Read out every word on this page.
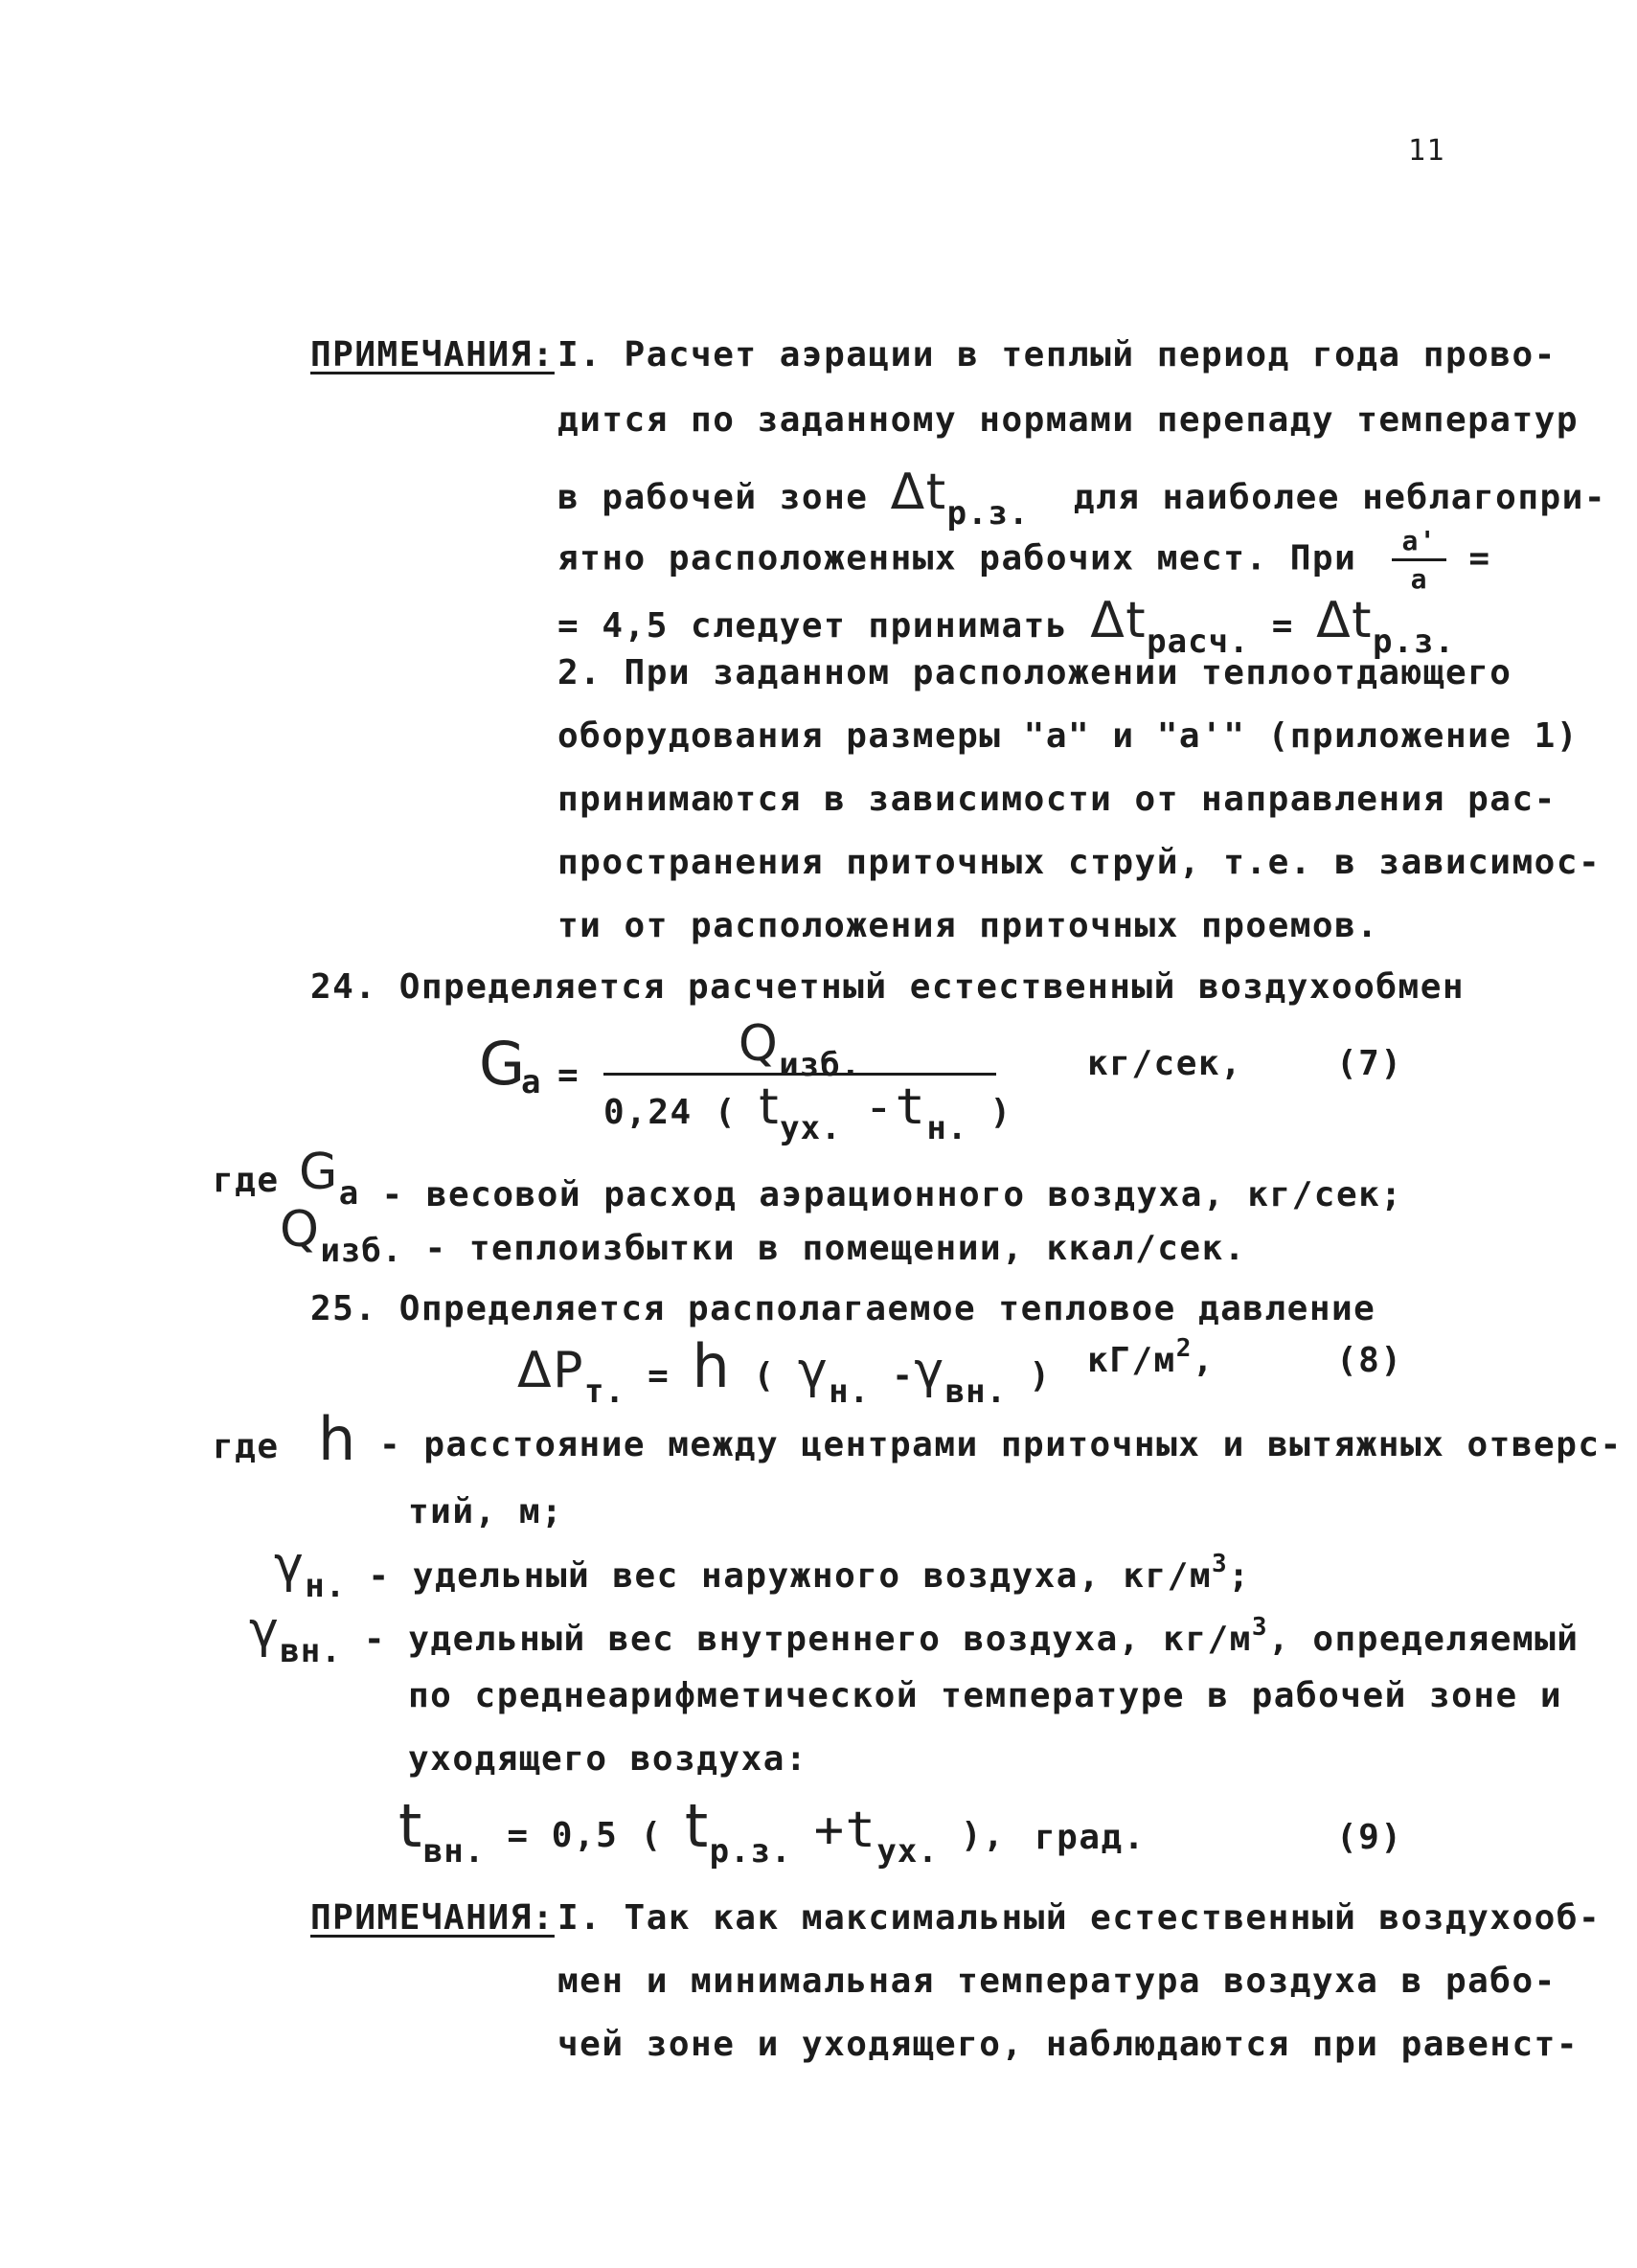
11
ПРИМЕЧАНИЯ: I. Расчет аэрации в теплый период года прово-
дится по заданному нормами перепаду температур
в рабочей зоне Δtр.з. для наиболее неблагопри-
ятно расположенных рабочих мест. При $\frac{a'}{a}$ =
= 4,5 следует принимать Δtрасч. = Δtр.з.
2. При заданном расположении теплоотдающего
оборудования размеры "a" и "a'" (приложение 1)
принимаются в зависимости от направления рас-
пространения приточных струй, т.е. в зависимос-
ти от расположения приточных проемов.
24. Определяется расчетный естественный воздухообмен
G
a =
Qизб.
0,24 ( tух. -tн. )
кг/сек,	(7)
где Ga - весовой расход аэрационного воздуха, кг/сек;
Qизб. - теплоизбытки в помещении, ккал/сек.
25. Определяется располагаемое тепловое давление
ΔPт. = h ( γн. -γвн. ) $кГ/м^2$,	(8)
где h - расстояние между центрами приточных и вытяжных отверс-
тий, м;
γн. - удельный вес наружного воздуха, $кг/м^3$;
γвн. - удельный вес внутреннего воздуха, $кг/м^3$, определяемый
по среднеарифметической температуре в рабочей зоне и
уходящего воздуха:
tвн. = 0,5 ( tр.з. +tух. ), град.	(9)
ПРИМЕЧАНИЯ: I. Так как максимальный естественный воздухооб-
мен и минимальная температура воздуха в рабо-
чей зоне и уходящего, наблюдаются при равенст-
